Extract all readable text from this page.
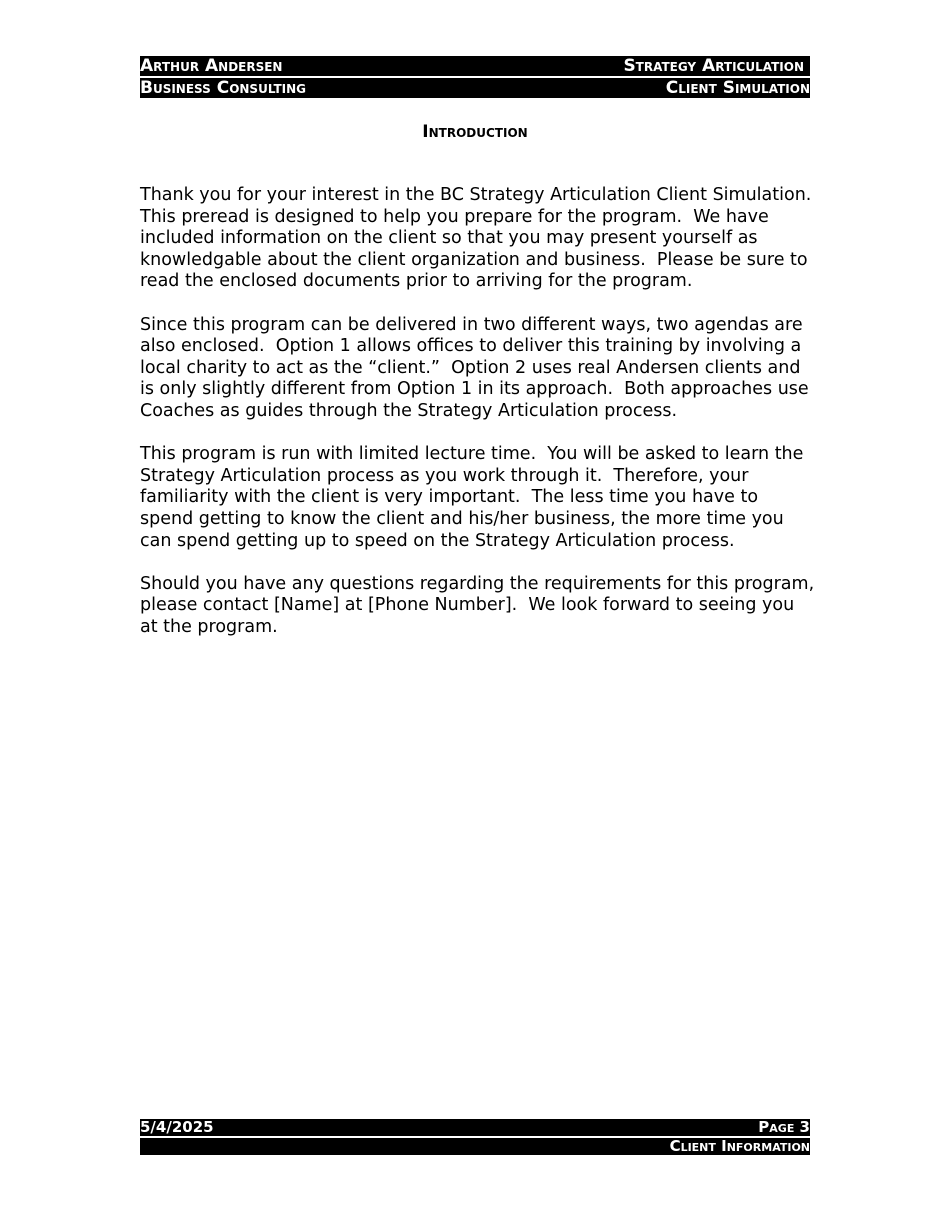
Arthur Andersen	Strategy Articulation
Business Consulting	Client Simulation
Introduction

Thank you for your interest in the BC Strategy Articulation Client Simulation.  This preread is designed to help you prepare for the program.  We have included information on the client so that you may present yourself as knowledgable about the client organization and business.  Please be sure to read the enclosed documents prior to arriving for the program.

Since this program can be delivered in two different ways, two agendas are also enclosed.  Option 1 allows offices to deliver this training by involving a local charity to act as the “client.”  Option 2 uses real Andersen clients and is only slightly different from Option 1 in its approach.  Both approaches use Coaches as guides through the Strategy Articulation process.

This program is run with limited lecture time.  You will be asked to learn the Strategy Articulation process as you work through it.  Therefore, your familiarity with the client is very important.  The less time you have to spend getting to know the client and his/her business, the more time you can spend getting up to speed on the Strategy Articulation process.

Should you have any questions regarding the requirements for this program, please contact [Name] at [Phone Number].  We look forward to seeing you at the program.

5/4/2025	Page 3
Client Information
